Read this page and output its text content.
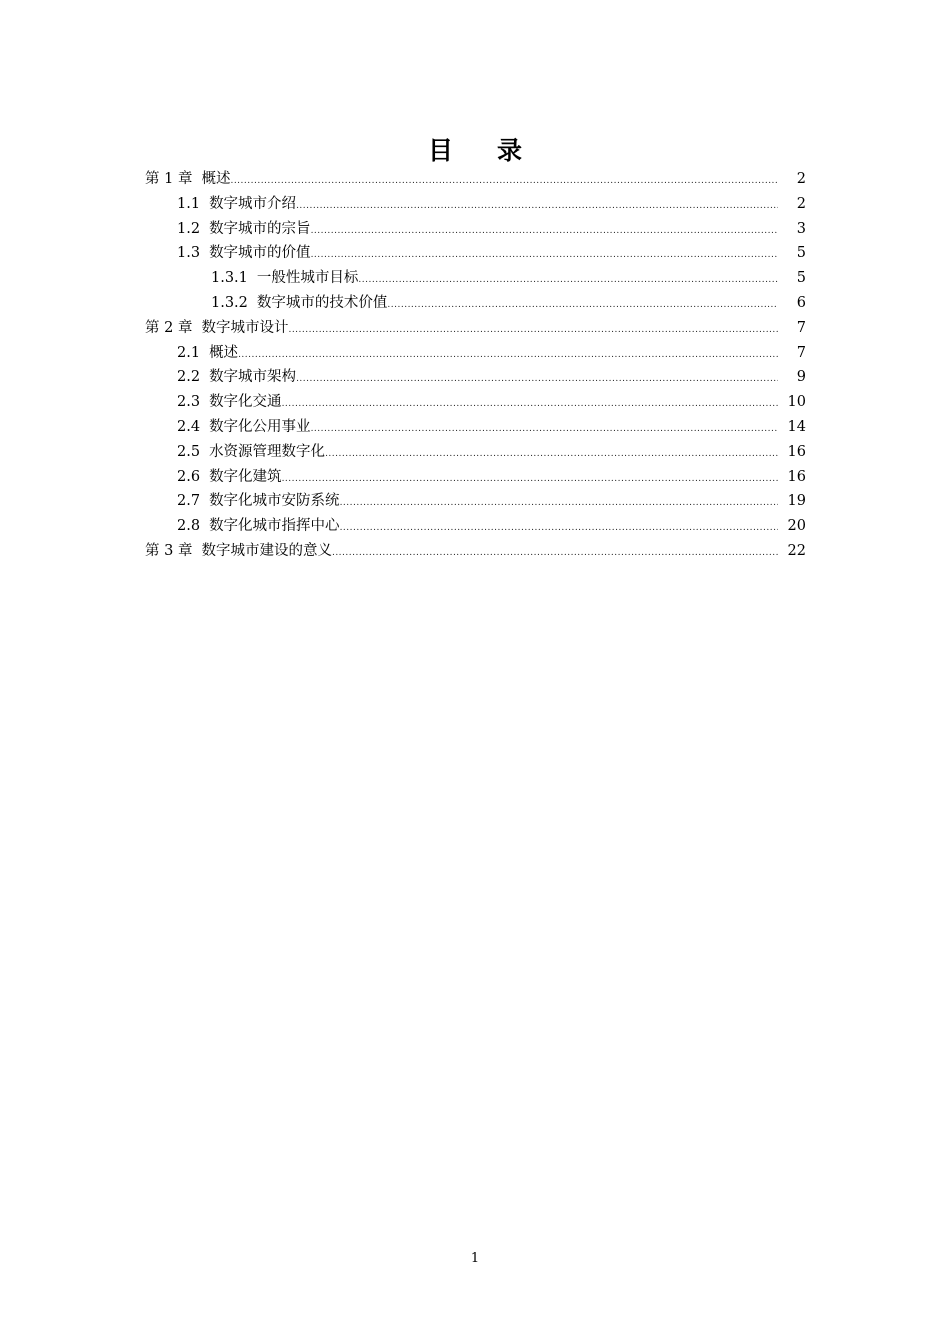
目录
第 1 章 概述 .....	2
1.1 数字城市介绍 .....	2
1.2 数字城市的宗旨 .....	3
1.3 数字城市的价值 .....	5
1.3.1 一般性城市目标 .....	5
1.3.2 数字城市的技术价值 .....	6
第 2 章 数字城市设计 .....	7
2.1 概述 .....	7
2.2 数字城市架构 .....	9
2.3 数字化交通 .....	10
2.4 数字化公用事业 .....	14
2.5 水资源管理数字化 .....	16
2.6 数字化建筑 .....	16
2.7 数字化城市安防系统 .....	19
2.8 数字化城市指挥中心 .....	20
第 3 章 数字城市建设的意义 .....	22
1
